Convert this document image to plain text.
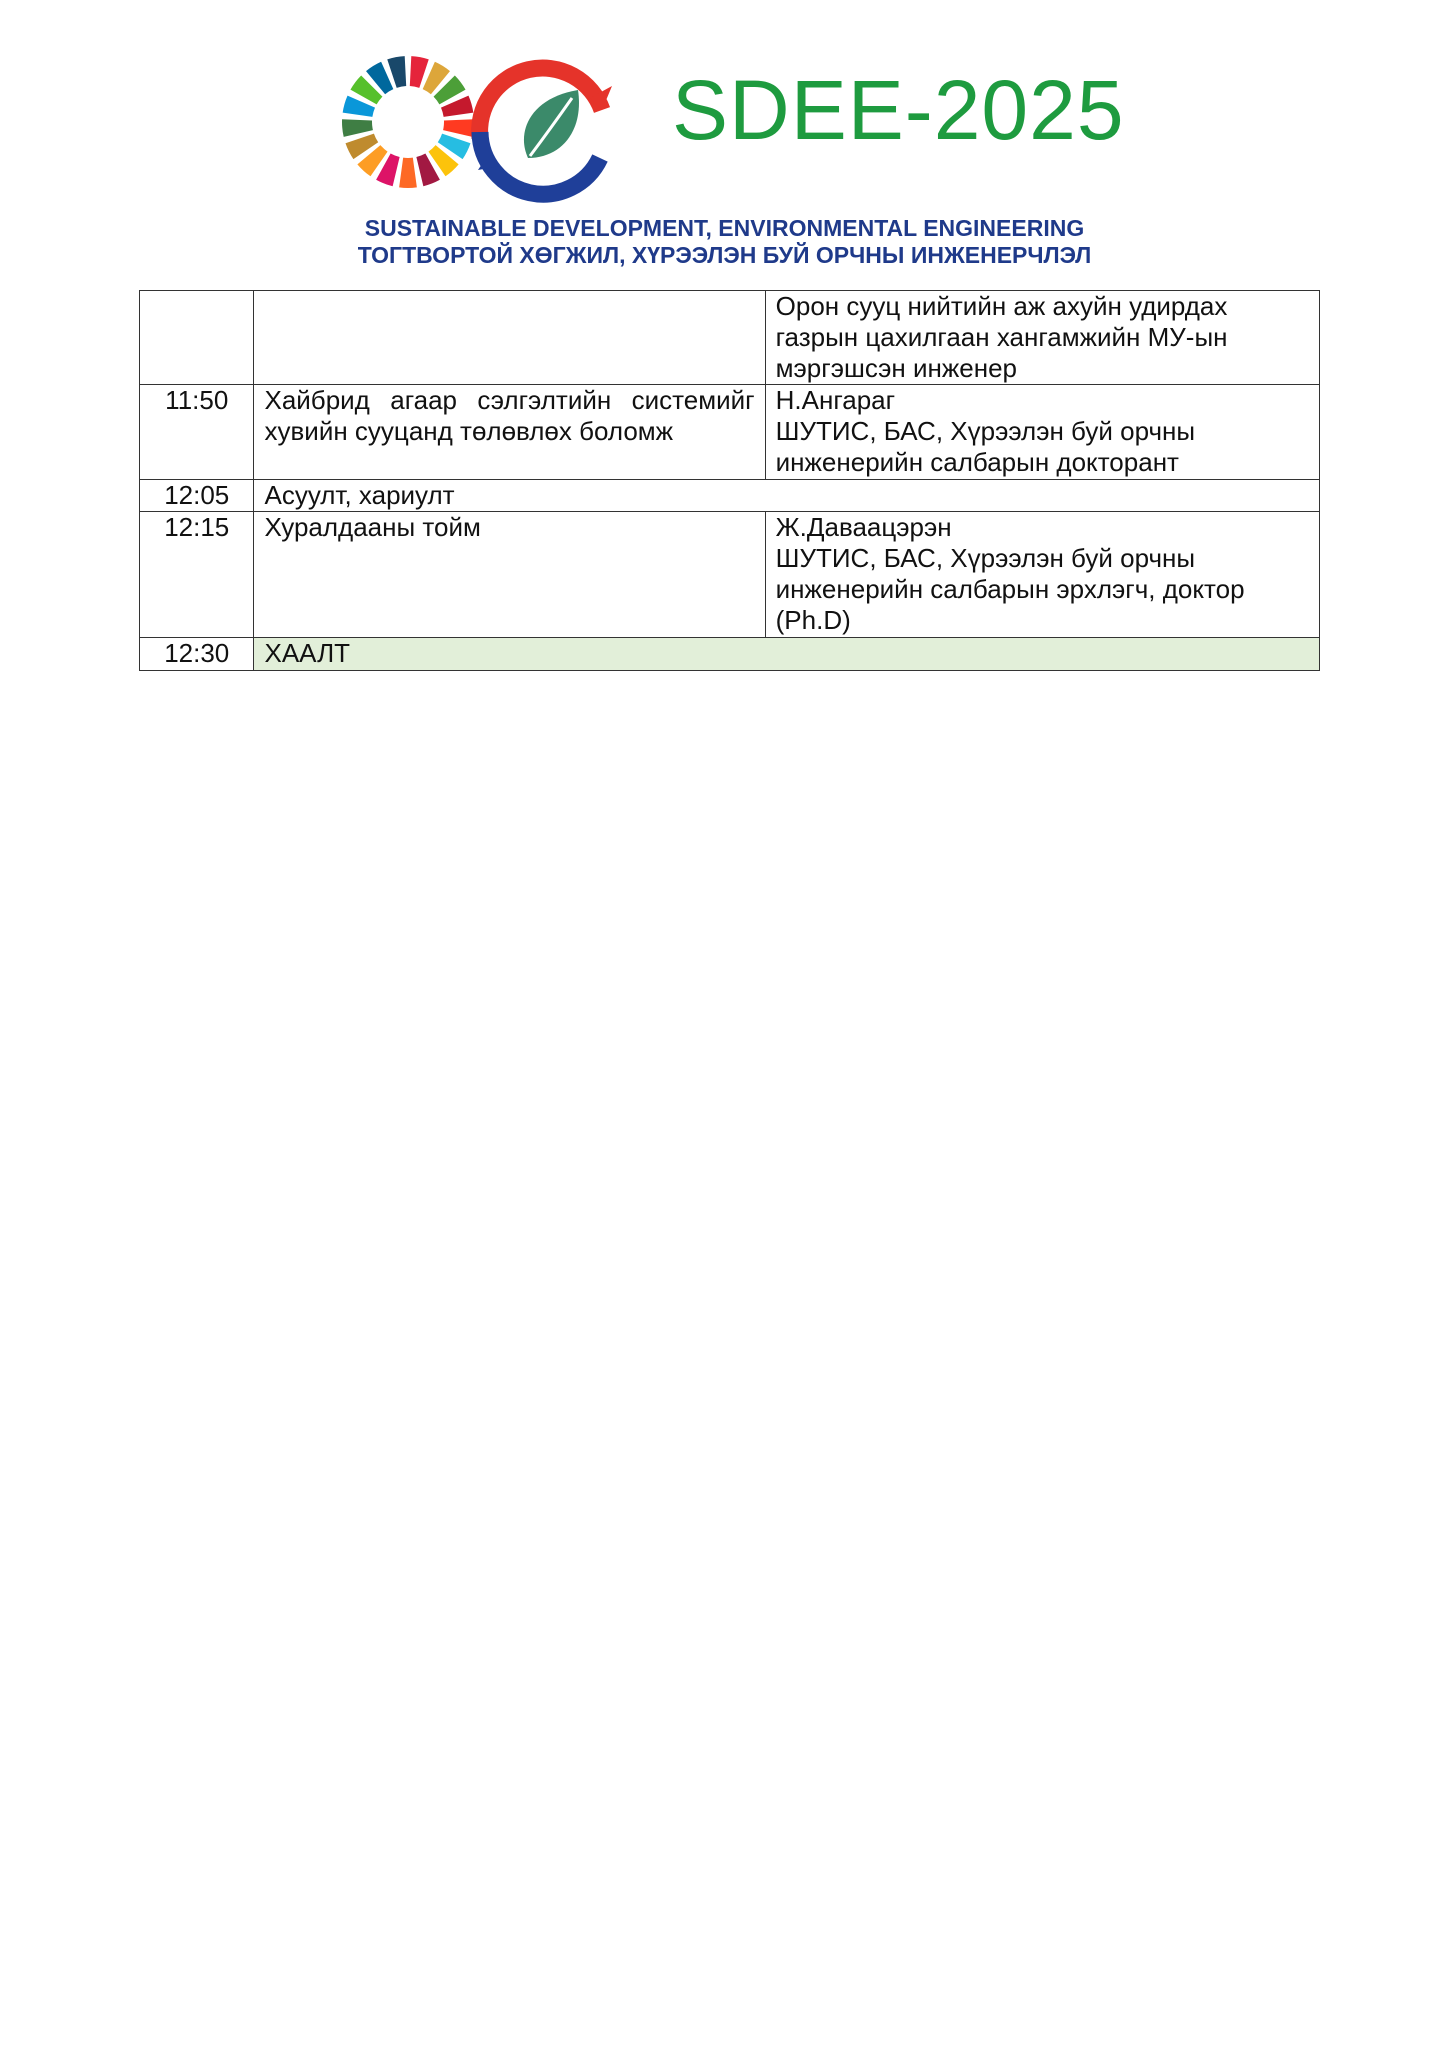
SDEE-2025
SUSTAINABLE DEVELOPMENT, ENVIRONMENTAL ENGINEERING
ТОГТВОРТОЙ ХӨГЖИЛ, ХҮРЭЭЛЭН БУЙ ОРЧНЫ ИНЖЕНЕРЧЛЭЛ

		Орон сууц нийтийн аж ахуйн удирдах
газрын цахилгаан хангамжийн МУ-ын
мэргэшсэн инженер

11:50	Хайбрид агаар сэлгэлтийн системийг хувийн сууцанд төлөвлөх боломж	Н.Ангараг
ШУТИС, БАС, Хүрээлэн буй орчны
инженерийн салбарын докторант

12:05	Асуулт, хариулт	
12:15	Хуралдааны тойм	Ж.Даваацэрэн
ШУТИС, БАС, Хүрээлэн буй орчны
инженерийн салбарын эрхлэгч, доктор
(Ph.D)

12:30	ХААЛТ	
